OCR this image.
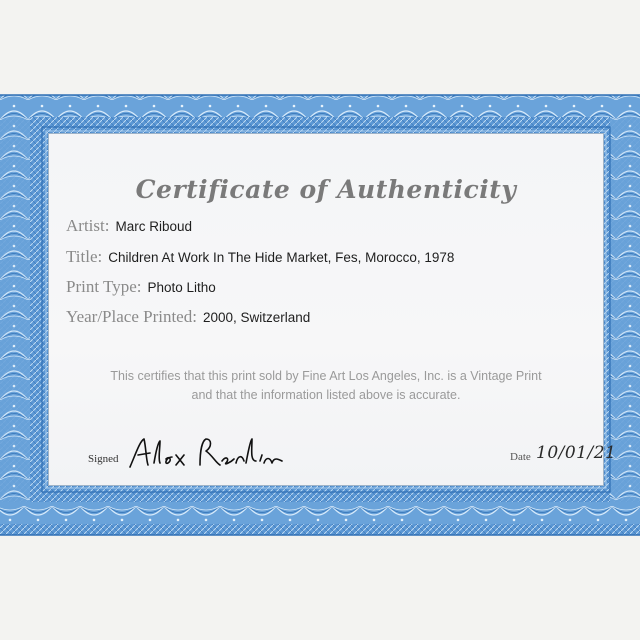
Certificate of Authenticity
Artist: Marc Riboud
Title: Children At Work In The Hide Market, Fes, Morocco, 1978
Print Type: Photo Litho
Year/Place Printed: 2000, Switzerland
This certifies that this print sold by Fine Art Los Angeles, Inc. is a Vintage Print and that the information listed above is accurate.
Signed	Date 10/01/21
